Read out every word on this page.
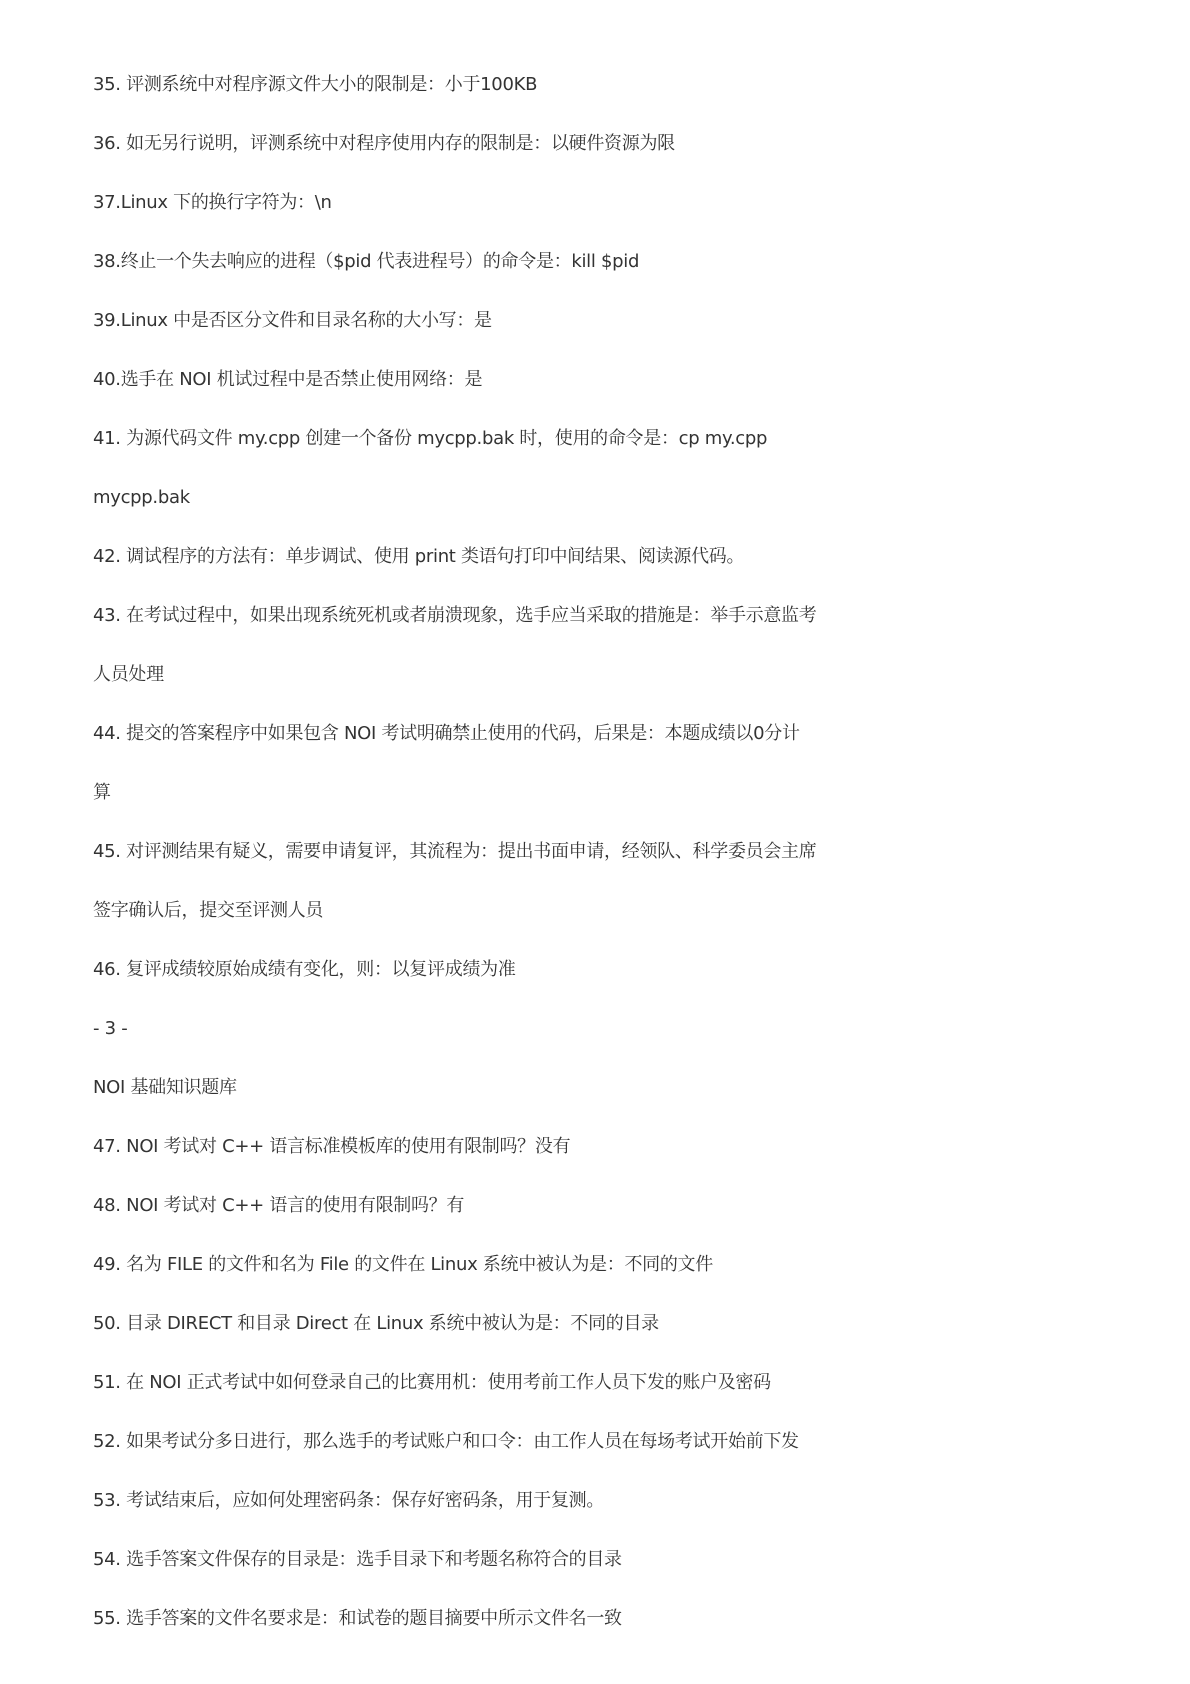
35. 评测系统中对程序源文件大小的限制是：小于100KB
36. 如无另行说明，评测系统中对程序使用内存的限制是：以硬件资源为限
37.Linux 下的换行字符为：\n
38.终止一个失去响应的进程（$pid 代表进程号）的命令是：kill $pid
39.Linux 中是否区分文件和目录名称的大小写：是
40.选手在 NOI 机试过程中是否禁止使用网络：是
41. 为源代码文件 my.cpp 创建一个备份 mycpp.bak 时，使用的命令是：cp my.cpp
mycpp.bak
42. 调试程序的方法有：单步调试、使用 print 类语句打印中间结果、阅读源代码。
43. 在考试过程中，如果出现系统死机或者崩溃现象，选手应当采取的措施是：举手示意监考
人员处理
44. 提交的答案程序中如果包含 NOI 考试明确禁止使用的代码，后果是：本题成绩以0分计
算
45. 对评测结果有疑义，需要申请复评，其流程为：提出书面申请，经领队、科学委员会主席
签字确认后，提交至评测人员
46. 复评成绩较原始成绩有变化，则：以复评成绩为准
- 3 -
NOI 基础知识题库
47. NOI 考试对 C++ 语言标准模板库的使用有限制吗？没有
48. NOI 考试对 C++ 语言的使用有限制吗？有
49. 名为 FILE 的文件和名为 File 的文件在 Linux 系统中被认为是：不同的文件
50. 目录 DIRECT 和目录 Direct 在 Linux 系统中被认为是：不同的目录
51. 在 NOI 正式考试中如何登录自己的比赛用机：使用考前工作人员下发的账户及密码
52. 如果考试分多日进行，那么选手的考试账户和口令：由工作人员在每场考试开始前下发
53. 考试结束后，应如何处理密码条：保存好密码条，用于复测。
54. 选手答案文件保存的目录是：选手目录下和考题名称符合的目录
55. 选手答案的文件名要求是：和试卷的题目摘要中所示文件名一致
